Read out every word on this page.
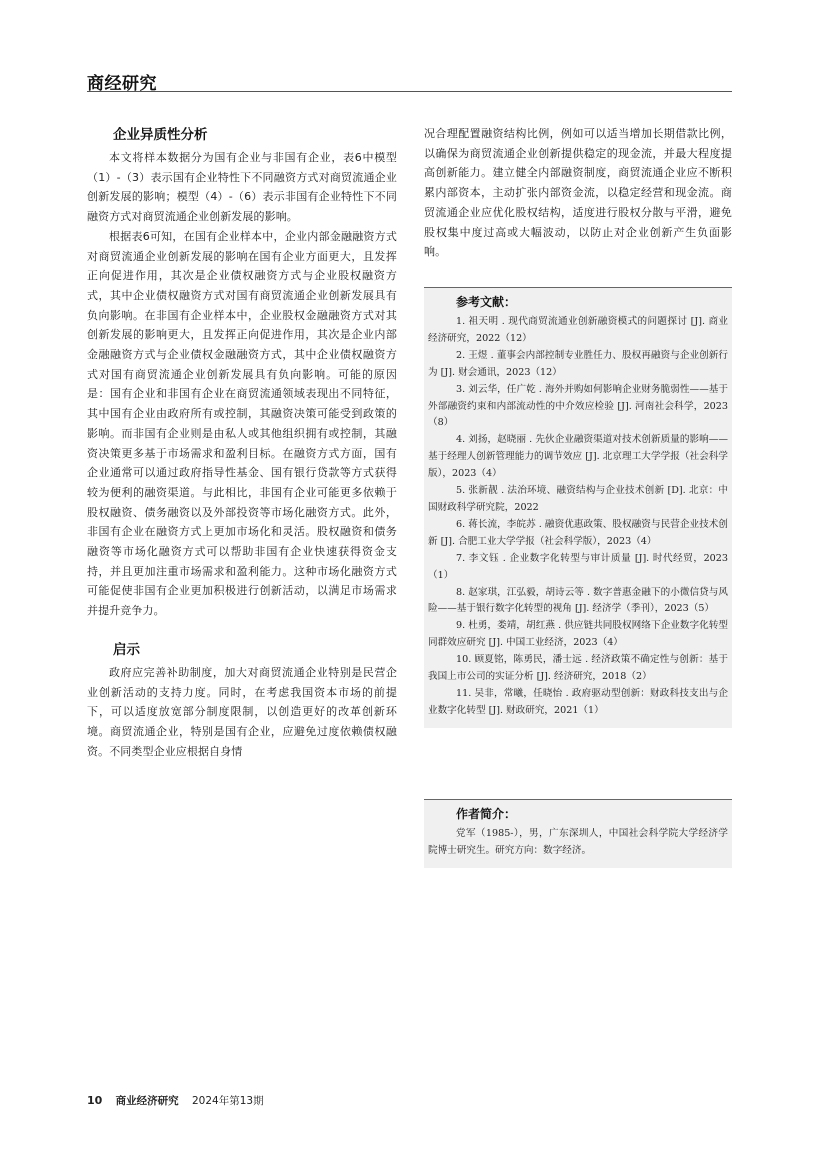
商经研究
企业异质性分析

本文将样本数据分为国有企业与非国有企业，表6中模型（1）-（3）表示国有企业特性下不同融资方式对商贸流通企业创新发展的影响；模型（4）-（6）表示非国有企业特性下不同融资方式对商贸流通企业创新发展的影响。

根据表6可知，在国有企业样本中，企业内部金融融资方式对商贸流通企业创新发展的影响在国有企业方面更大，且发挥正向促进作用，其次是企业债权融资方式与企业股权融资方式，其中企业债权融资方式对国有商贸流通企业创新发展具有负向影响。在非国有企业样本中，企业股权金融融资方式对其创新发展的影响更大，且发挥正向促进作用，其次是企业内部金融融资方式与企业债权金融融资方式，其中企业债权融资方式对国有商贸流通企业创新发展具有负向影响。可能的原因是：国有企业和非国有企业在商贸流通领域表现出不同特征，其中国有企业由政府所有或控制，其融资决策可能受到政策的影响。而非国有企业则是由私人或其他组织拥有或控制，其融资决策更多基于市场需求和盈利目标。在融资方式方面，国有企业通常可以通过政府指导性基金、国有银行贷款等方式获得较为便利的融资渠道。与此相比，非国有企业可能更多依赖于股权融资、债务融资以及外部投资等市场化融资方式。此外，非国有企业在融资方式上更加市场化和灵活。股权融资和债务融资等市场化融资方式可以帮助非国有企业快速获得资金支持，并且更加注重市场需求和盈利能力。这种市场化融资方式可能促使非国有企业更加积极进行创新活动，以满足市场需求并提升竞争力。

启示

政府应完善补助制度，加大对商贸流通企业特别是民营企业创新活动的支持力度。同时，在考虑我国资本市场的前提下，可以适度放宽部分制度限制，以创造更好的改革创新环境。商贸流通企业，特别是国有企业，应避免过度依赖债权融资。不同类型企业应根据自身情

况合理配置融资结构比例，例如可以适当增加长期借款比例，以确保为商贸流通企业创新提供稳定的现金流，并最大程度提高创新能力。建立健全内部融资制度，商贸流通企业应不断积累内部资本，主动扩张内部资金流，以稳定经营和现金流。商贸流通企业应优化股权结构，适度进行股权分散与平滑，避免股权集中度过高或大幅波动，以防止对企业创新产生负面影响。

参考文献：

1. 祖天明 . 现代商贸流通业创新融资模式的问题探讨 [J]. 商业经济研究，2022（12）

2. 王煜 . 董事会内部控制专业胜任力、股权再融资与企业创新行为 [J]. 财会通讯，2023（12）

3. 刘云华，任广乾 . 海外并购如何影响企业财务脆弱性——基于外部融资约束和内部流动性的中介效应检验 [J]. 河南社会科学，2023（8）

4. 刘扬，赵晓丽 . 先伙企业融资渠道对技术创新质量的影响——基于经理人创新管理能力的调节效应 [J]. 北京理工大学学报（社会科学版），2023（4）

5. 张新靓 . 法治环境、融资结构与企业技术创新 [D]. 北京：中国财政科学研究院，2022

6. 蒋长流，李皖苏 . 融资优惠政策、股权融资与民营企业技术创新 [J]. 合肥工业大学学报（社会科学版），2023（4）

7. 李文钰 . 企业数字化转型与审计质量 [J]. 时代经贸，2023（1）

8. 赵家琪，江弘毅，胡诗云等 . 数字普惠金融下的小微信贷与风险——基于银行数字化转型的视角 [J]. 经济学（季刊），2023（5）

9. 杜勇，娄靖，胡红燕 . 供应链共同股权网络下企业数字化转型同群效应研究 [J]. 中国工业经济，2023（4）

10. 顾夏铭，陈勇民，潘士远 . 经济政策不确定性与创新：基于我国上市公司的实证分析 [J]. 经济研究，2018（2）

11. 吴非，常曦，任晓怡 . 政府驱动型创新：财政科技支出与企业数字化转型 [J]. 财政研究，2021（1）

作者简介：

党军（1985-），男，广东深圳人，中国社会科学院大学经济学院博士研究生。研究方向：数字经济。

10 商业经济研究 2024年第13期
